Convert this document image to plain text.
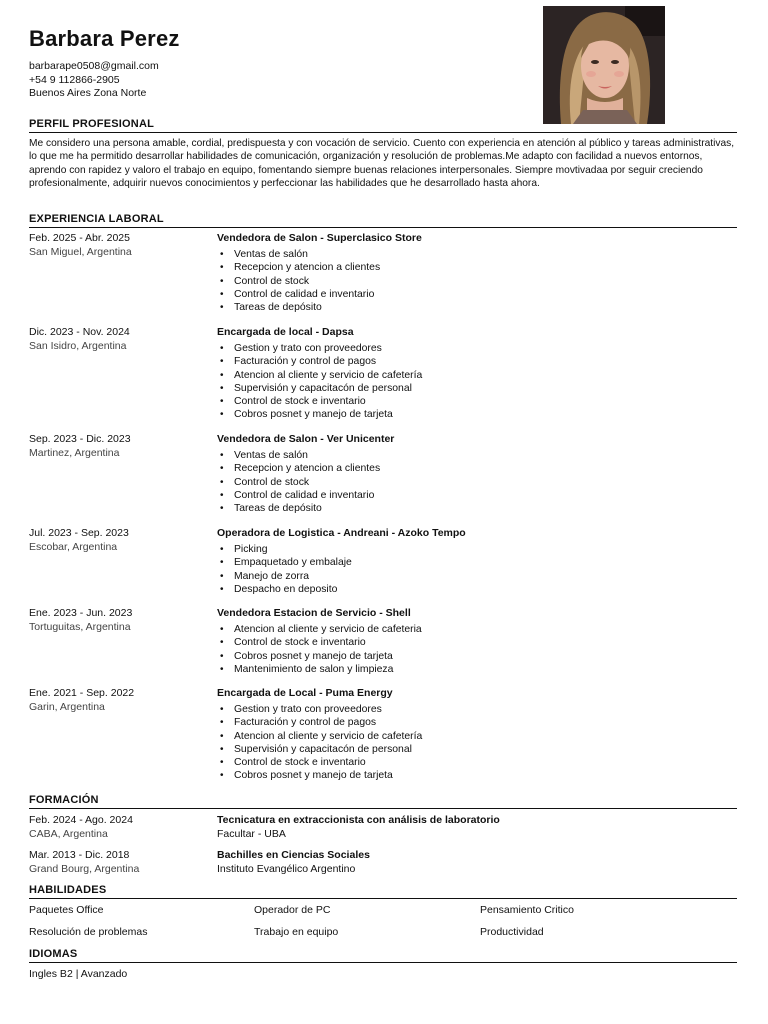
Barbara Perez
barbarape0508@gmail.com
+54 9 112866-2905
Buenos Aires Zona Norte
PERFIL PROFESIONAL
Me considero una persona amable, cordial, predispuesta y con vocación de servicio. Cuento con experiencia en atención al público y tareas administrativas, lo que me ha permitido desarrollar habilidades de comunicación, organización y resolución de problemas.Me adapto con facilidad a nuevos entornos, aprendo con rapidez y valoro el trabajo en equipo, fomentando siempre buenas relaciones interpersonales. Siempre movtivadaa por seguir creciendo profesionalmente, adquirir nuevos conocimientos y perfeccionar las habilidades que he desarrollado hasta ahora.
EXPERIENCIA LABORAL
Feb. 2025 - Abr. 2025
San Miguel, Argentina
Vendedora de Salon - Superclasico Store
• Ventas de salón
• Recepcion y atencion a clientes
• Control de stock
• Control de calidad e inventario
• Tareas de depósito
Dic. 2023 - Nov. 2024
San Isidro, Argentina
Encargada de local - Dapsa
• Gestion y trato con proveedores
• Facturación y control de pagos
• Atencion al cliente y servicio de cafetería
• Supervisión y capacitacón de personal
• Control de stock e inventario
• Cobros posnet y manejo de tarjeta
Sep. 2023 - Dic. 2023
Martinez, Argentina
Vendedora de Salon - Ver Unicenter
• Ventas de salón
• Recepcion y atencion a clientes
• Control de stock
• Control de calidad e inventario
• Tareas de depósito
Jul. 2023 - Sep. 2023
Escobar, Argentina
Operadora de Logistica - Andreani - Azoko Tempo
• Picking
• Empaquetado y embalaje
• Manejo de zorra
• Despacho en deposito
Ene. 2023 - Jun. 2023
Tortuguitas, Argentina
Vendedora Estacion de Servicio - Shell
• Atencion al cliente y servicio de cafeteria
• Control de stock e inventario
• Cobros posnet y manejo de tarjeta
• Mantenimiento de salon y limpieza
Ene. 2021 - Sep. 2022
Garin, Argentina
Encargada de Local - Puma Energy
• Gestion y trato con proveedores
• Facturación y control de pagos
• Atencion al cliente y servicio de cafetería
• Supervisión y capacitacón de personal
• Control de stock e inventario
• Cobros posnet y manejo de tarjeta
FORMACIÓN
Feb. 2024 - Ago. 2024
CABA, Argentina
Tecnicatura en extraccionista con análisis de laboratorio
Facultar - UBA
Mar. 2013 - Dic. 2018
Grand Bourg, Argentina
Bachilles en Ciencias Sociales
Instituto Evangélico Argentino
HABILIDADES
Paquetes Office	Operador de PC	Pensamiento Critico
Resolución de problemas	Trabajo en equipo	Productividad
IDIOMAS
Ingles B2 | Avanzado
